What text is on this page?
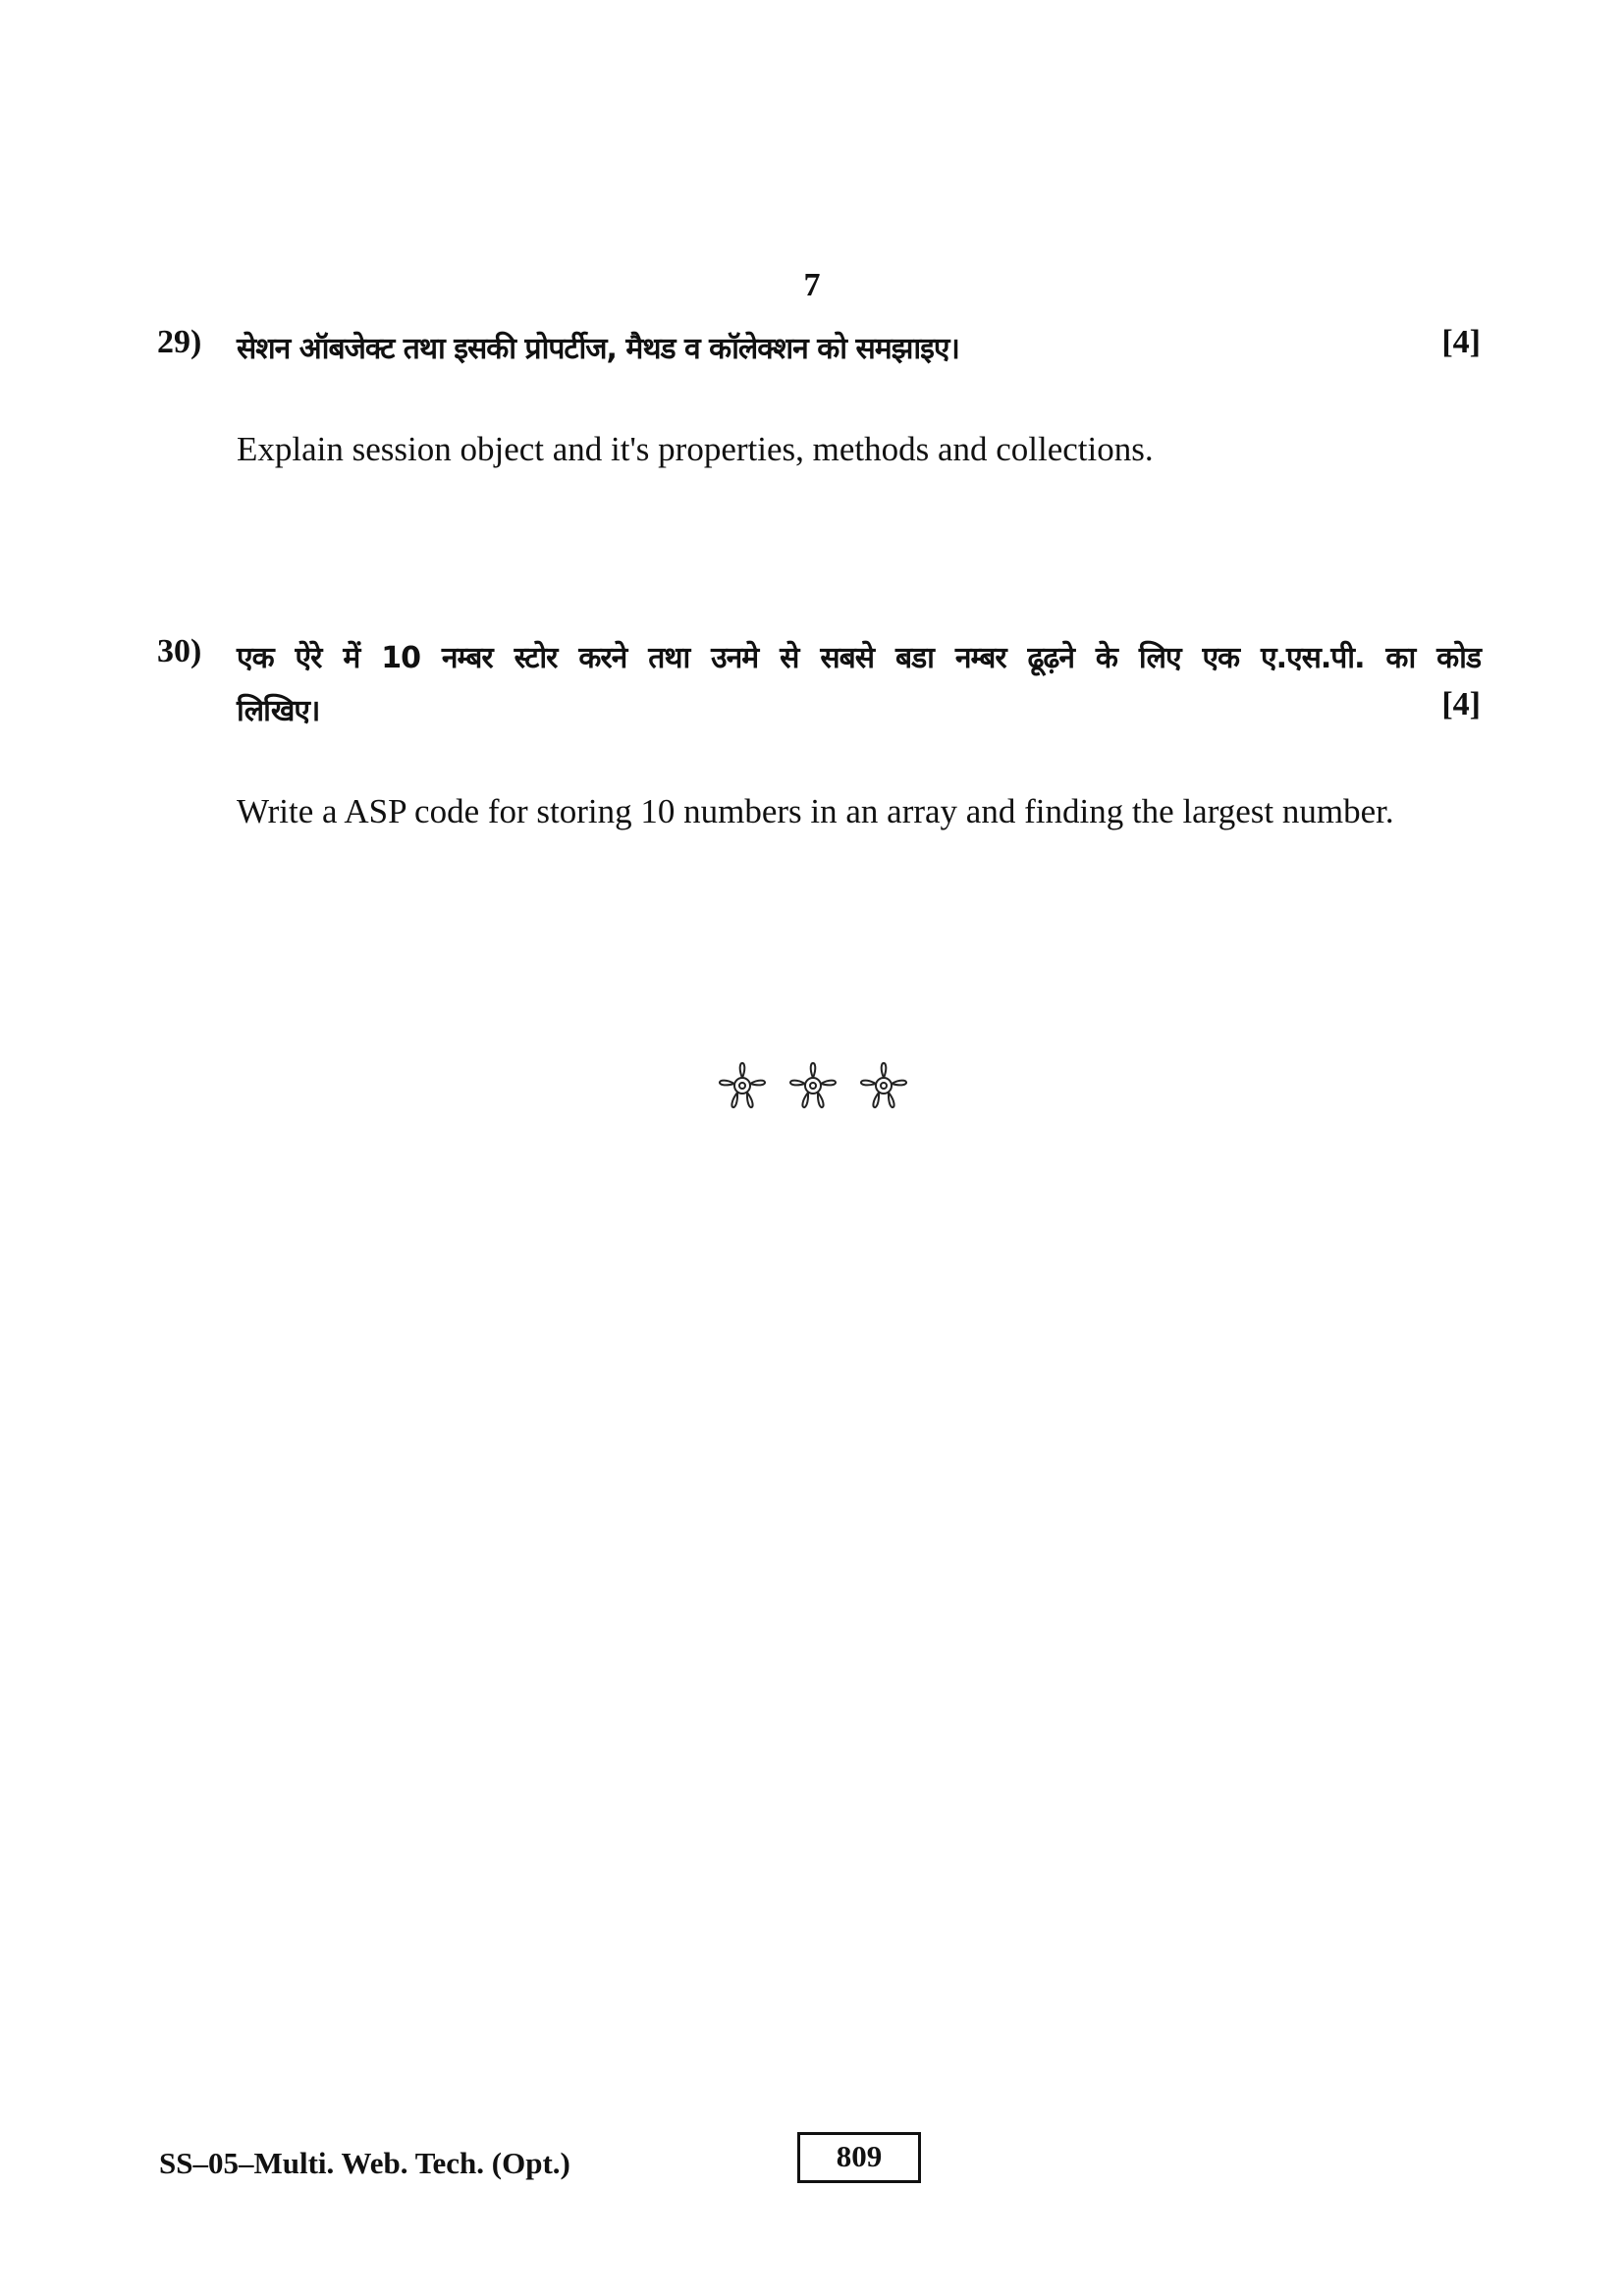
7
29) सेशन ऑबजेक्ट तथा इसकी प्रोपर्टीज, मैथड व कॉलेक्शन को समझाइए।	[4]
Explain session object and it's properties, methods and collections.
30) एक ऐरे में 10 नम्बर स्टोर करने तथा उनमे से सबसे बडा नम्बर ढूढ़ने के लिए एक ए.एस.पी. का कोड
लिखिए।	[4]
Write a ASP code for storing 10 numbers in an array and finding the largest number.
SS–05–Multi. Web. Tech. (Opt.)	809
